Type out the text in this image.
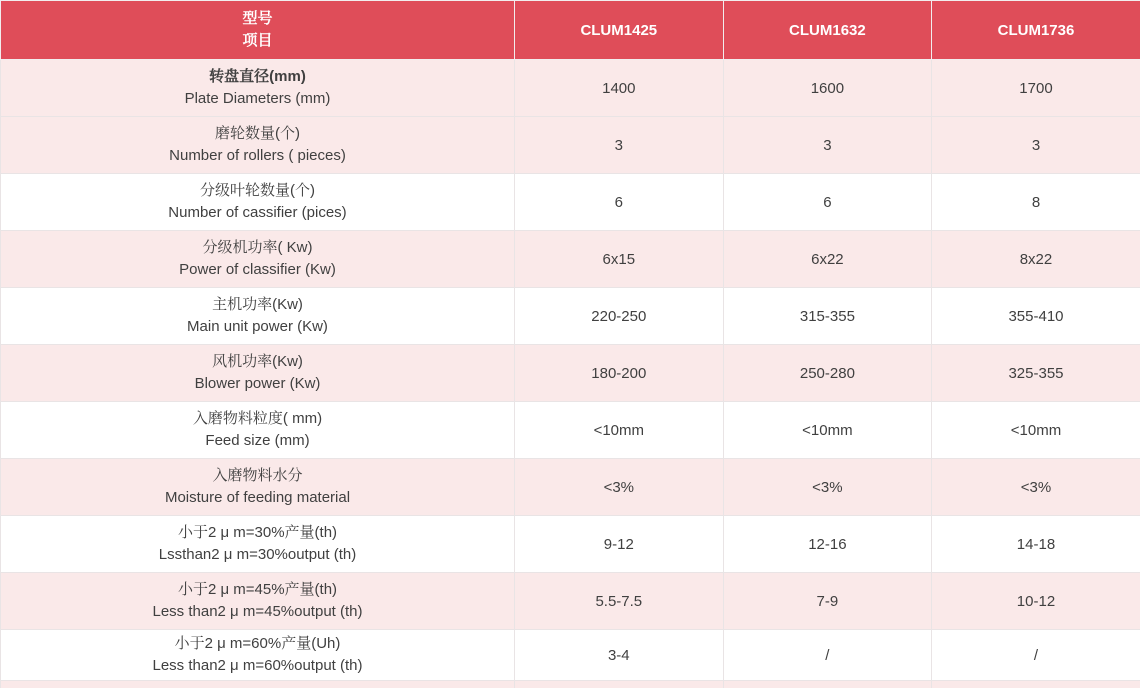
型号
项目	CLUM1425	CLUM1632	CLUM1736

转盘直径(mm)
Plate Diameters (mm)	1400	1600	1700

磨轮数量(个)
Number of rollers ( pieces)	3	3	3

分级叶轮数量(个)
Number of cassifier (pices)	6	6	8

分级机功率( Kw)
Power of classifier (Kw)	6x15	6x22	8x22

主机功率(Kw)
Main unit power (Kw)	220-250	315-355	355-410

风机功率(Kw)
Blower power (Kw)	180-200	250-280	325-355

入磨物料粒度( mm)
Feed size (mm)	<10mm	<10mm	<10mm

入磨物料水分
Moisture of feeding material	<3%	<3%	<3%

小于2 μ m=30%产量(th)
Lssthan2 μ m=30%output (th)	9-12	12-16	14-18

小于2 μ m=45%产量(th)
Less than2 μ m=45%output (th)	5.5-7.5	7-9	10-12

小于2 μ m=60%产量(Uh)
Less than2 μ m=60%output (th)	3-4	/	/
